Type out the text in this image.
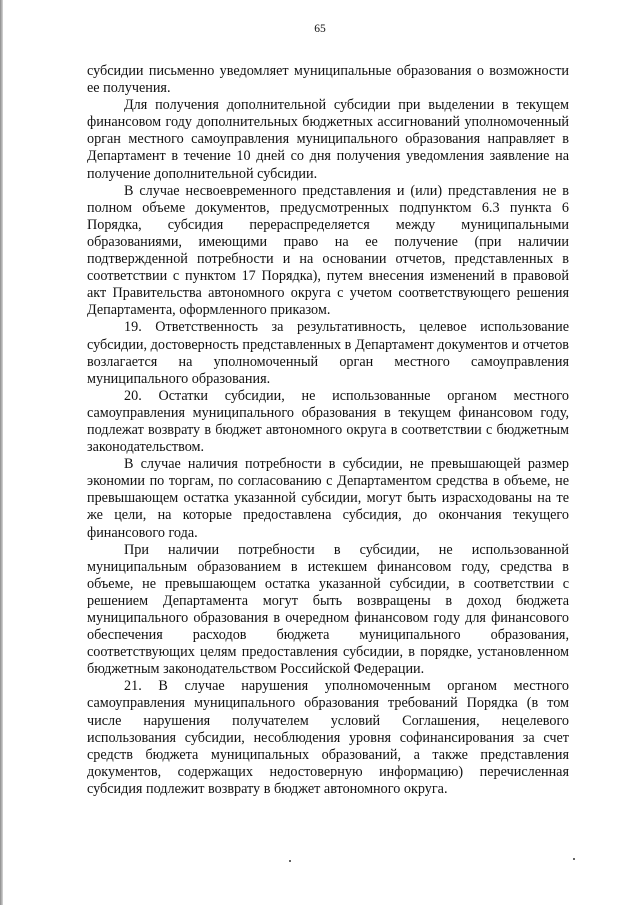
65

субсидии письменно уведомляет муниципальные образования о возможности ее получения.

Для получения дополнительной субсидии при выделении в текущем финансовом году дополнительных бюджетных ассигнований уполномоченный орган местного самоуправления муниципального образования направляет в Департамент в течение 10 дней со дня получения уведомления заявление на получение дополнительной субсидии.

В случае несвоевременного представления и (или) представления не в полном объеме документов, предусмотренных подпунктом 6.3 пункта 6 Порядка, субсидия перераспределяется между муниципальными образованиями, имеющими право на ее получение (при наличии подтвержденной потребности и на основании отчетов, представленных в соответствии с пунктом 17 Порядка), путем внесения изменений в правовой акт Правительства автономного округа с учетом соответствующего решения Департамента, оформленного приказом.

19. Ответственность за результативность, целевое использование субсидии, достоверность представленных в Департамент документов и отчетов возлагается на уполномоченный орган местного самоуправления муниципального образования.

20. Остатки субсидии, не использованные органом местного самоуправления муниципального образования в текущем финансовом году, подлежат возврату в бюджет автономного округа в соответствии с бюджетным законодательством.

В случае наличия потребности в субсидии, не превышающей размер экономии по торгам, по согласованию с Департаментом средства в объеме, не превышающем остатка указанной субсидии, могут быть израсходованы на те же цели, на которые предоставлена субсидия, до окончания текущего финансового года.

При наличии потребности в субсидии, не использованной муниципальным образованием в истекшем финансовом году, средства в объеме, не превышающем остатка указанной субсидии, в соответствии с решением Департамента могут быть возвращены в доход бюджета муниципального образования в очередном финансовом году для финансового обеспечения расходов бюджета муниципального образования, соответствующих целям предоставления субсидии, в порядке, установленном бюджетным законодательством Российской Федерации.

21. В случае нарушения уполномоченным органом местного самоуправления муниципального образования требований Порядка (в том числе нарушения получателем условий Соглашения, нецелевого использования субсидии, несоблюдения уровня софинансирования за счет средств бюджета муниципальных образований, а также представления документов, содержащих недостоверную информацию) перечисленная субсидия подлежит возврату в бюджет автономного округа.
